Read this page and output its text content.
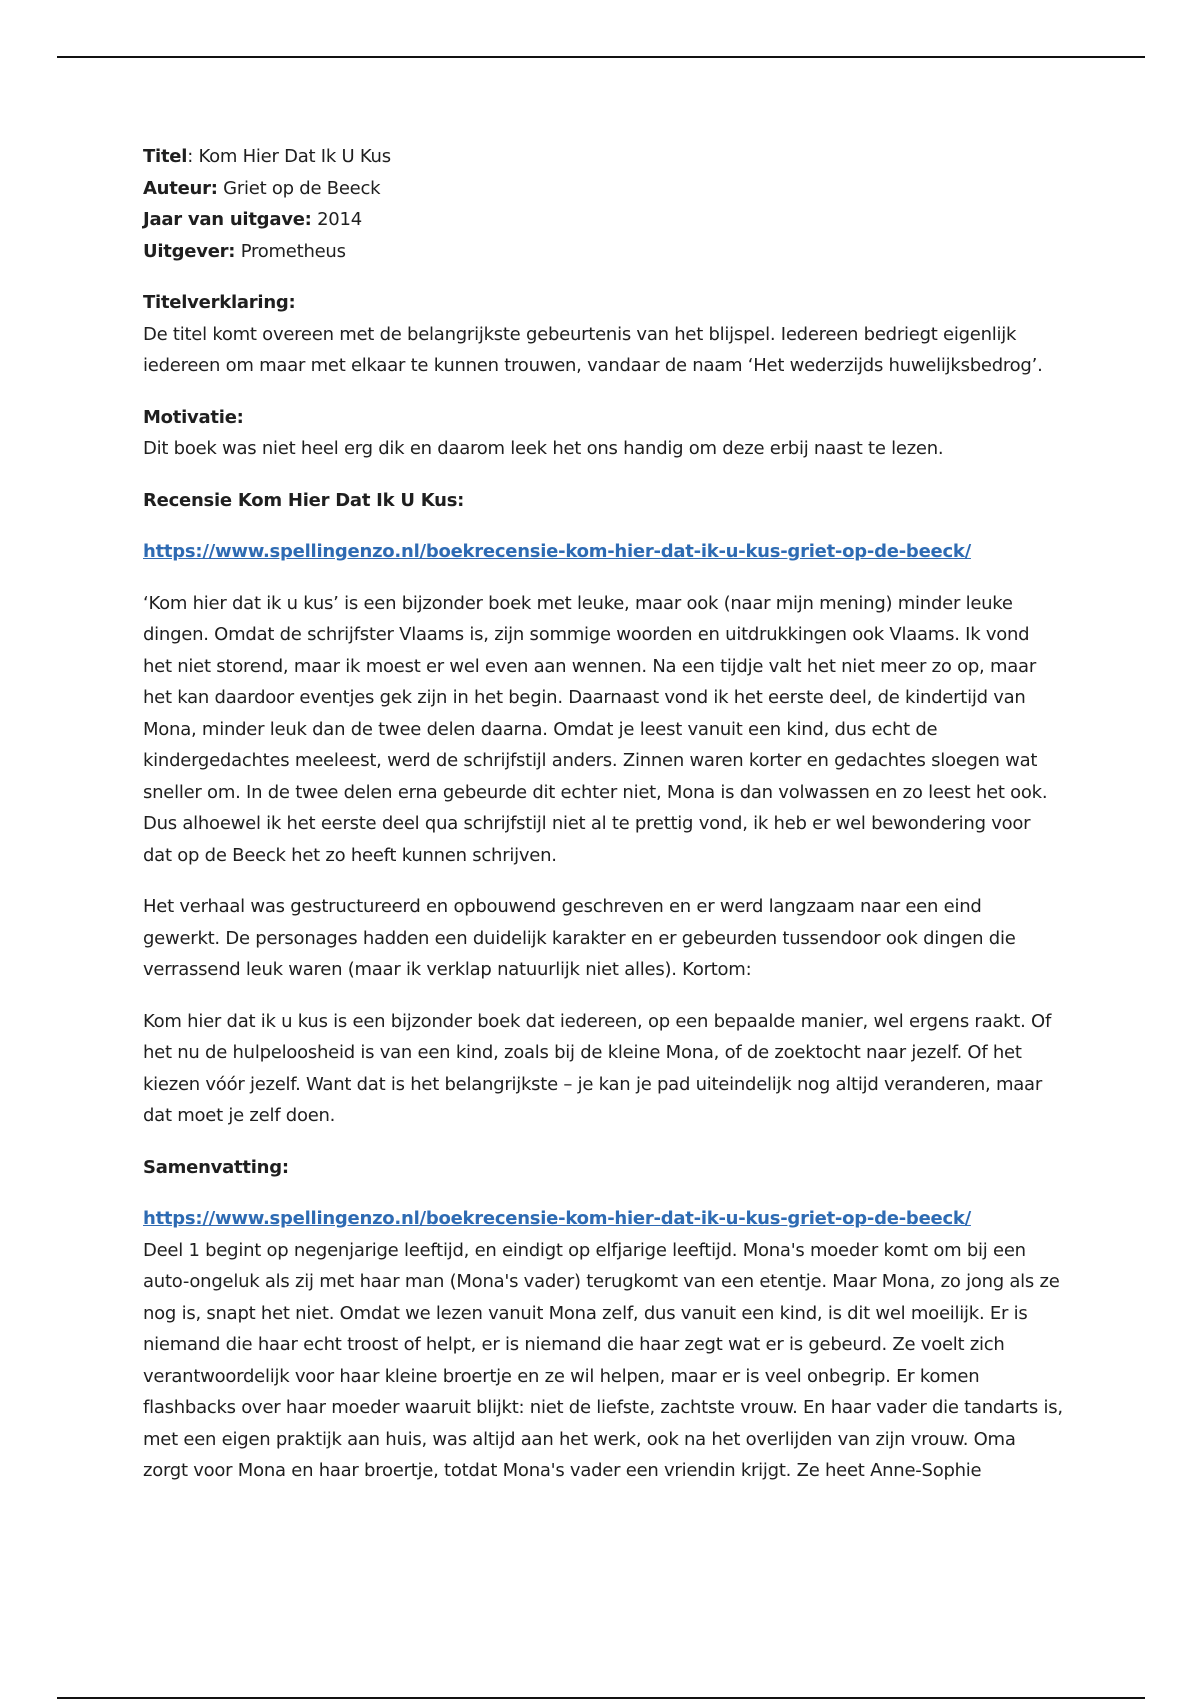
Titel: Kom Hier Dat Ik U Kus

Auteur: Griet op de Beeck

Jaar van uitgave: 2014

Uitgever: Prometheus

Titelverklaring:

De titel komt overeen met de belangrijkste gebeurtenis van het blijspel. Iedereen bedriegt eigenlijk iedereen om maar met elkaar te kunnen trouwen, vandaar de naam ‘Het wederzijds huwelijksbedrog’.

Motivatie:

Dit boek was niet heel erg dik en daarom leek het ons handig om deze erbij naast te lezen.

Recensie Kom Hier Dat Ik U Kus:

https://www.spellingenzo.nl/boekrecensie-kom-hier-dat-ik-u-kus-griet-op-de-beeck/

‘Kom hier dat ik u kus’ is een bijzonder boek met leuke, maar ook (naar mijn mening) minder leuke dingen. Omdat de schrijfster Vlaams is, zijn sommige woorden en uitdrukkingen ook Vlaams. Ik vond het niet storend, maar ik moest er wel even aan wennen. Na een tijdje valt het niet meer zo op, maar het kan daardoor eventjes gek zijn in het begin. Daarnaast vond ik het eerste deel, de kindertijd van Mona, minder leuk dan de twee delen daarna. Omdat je leest vanuit een kind, dus echt de kindergedachtes meeleest, werd de schrijfstijl anders. Zinnen waren korter en gedachtes sloegen wat sneller om. In de twee delen erna gebeurde dit echter niet, Mona is dan volwassen en zo leest het ook. Dus alhoewel ik het eerste deel qua schrijfstijl niet al te prettig vond, ik heb er wel bewondering voor dat op de Beeck het zo heeft kunnen schrijven.

Het verhaal was gestructureerd en opbouwend geschreven en er werd langzaam naar een eind gewerkt. De personages hadden een duidelijk karakter en er gebeurden tussendoor ook dingen die verrassend leuk waren (maar ik verklap natuurlijk niet alles). Kortom:

Kom hier dat ik u kus is een bijzonder boek dat iedereen, op een bepaalde manier, wel ergens raakt. Of het nu de hulpeloosheid is van een kind, zoals bij de kleine Mona, of de zoektocht naar jezelf. Of het kiezen vóór jezelf. Want dat is het belangrijkste – je kan je pad uiteindelijk nog altijd veranderen, maar dat moet je zelf doen.

Samenvatting:

https://www.spellingenzo.nl/boekrecensie-kom-hier-dat-ik-u-kus-griet-op-de-beeck/

Deel 1 begint op negenjarige leeftijd, en eindigt op elfjarige leeftijd. Mona's moeder komt om bij een auto-ongeluk als zij met haar man (Mona's vader) terugkomt van een etentje. Maar Mona, zo jong als ze nog is, snapt het niet. Omdat we lezen vanuit Mona zelf, dus vanuit een kind, is dit wel moeilijk. Er is niemand die haar echt troost of helpt, er is niemand die haar zegt wat er is gebeurd. Ze voelt zich verantwoordelijk voor haar kleine broertje en ze wil helpen, maar er is veel onbegrip. Er komen flashbacks over haar moeder waaruit blijkt: niet de liefste, zachtste vrouw. En haar vader die tandarts is, met een eigen praktijk aan huis, was altijd aan het werk, ook na het overlijden van zijn vrouw. Oma zorgt voor Mona en haar broertje, totdat Mona's vader een vriendin krijgt. Ze heet Anne-Sophie
